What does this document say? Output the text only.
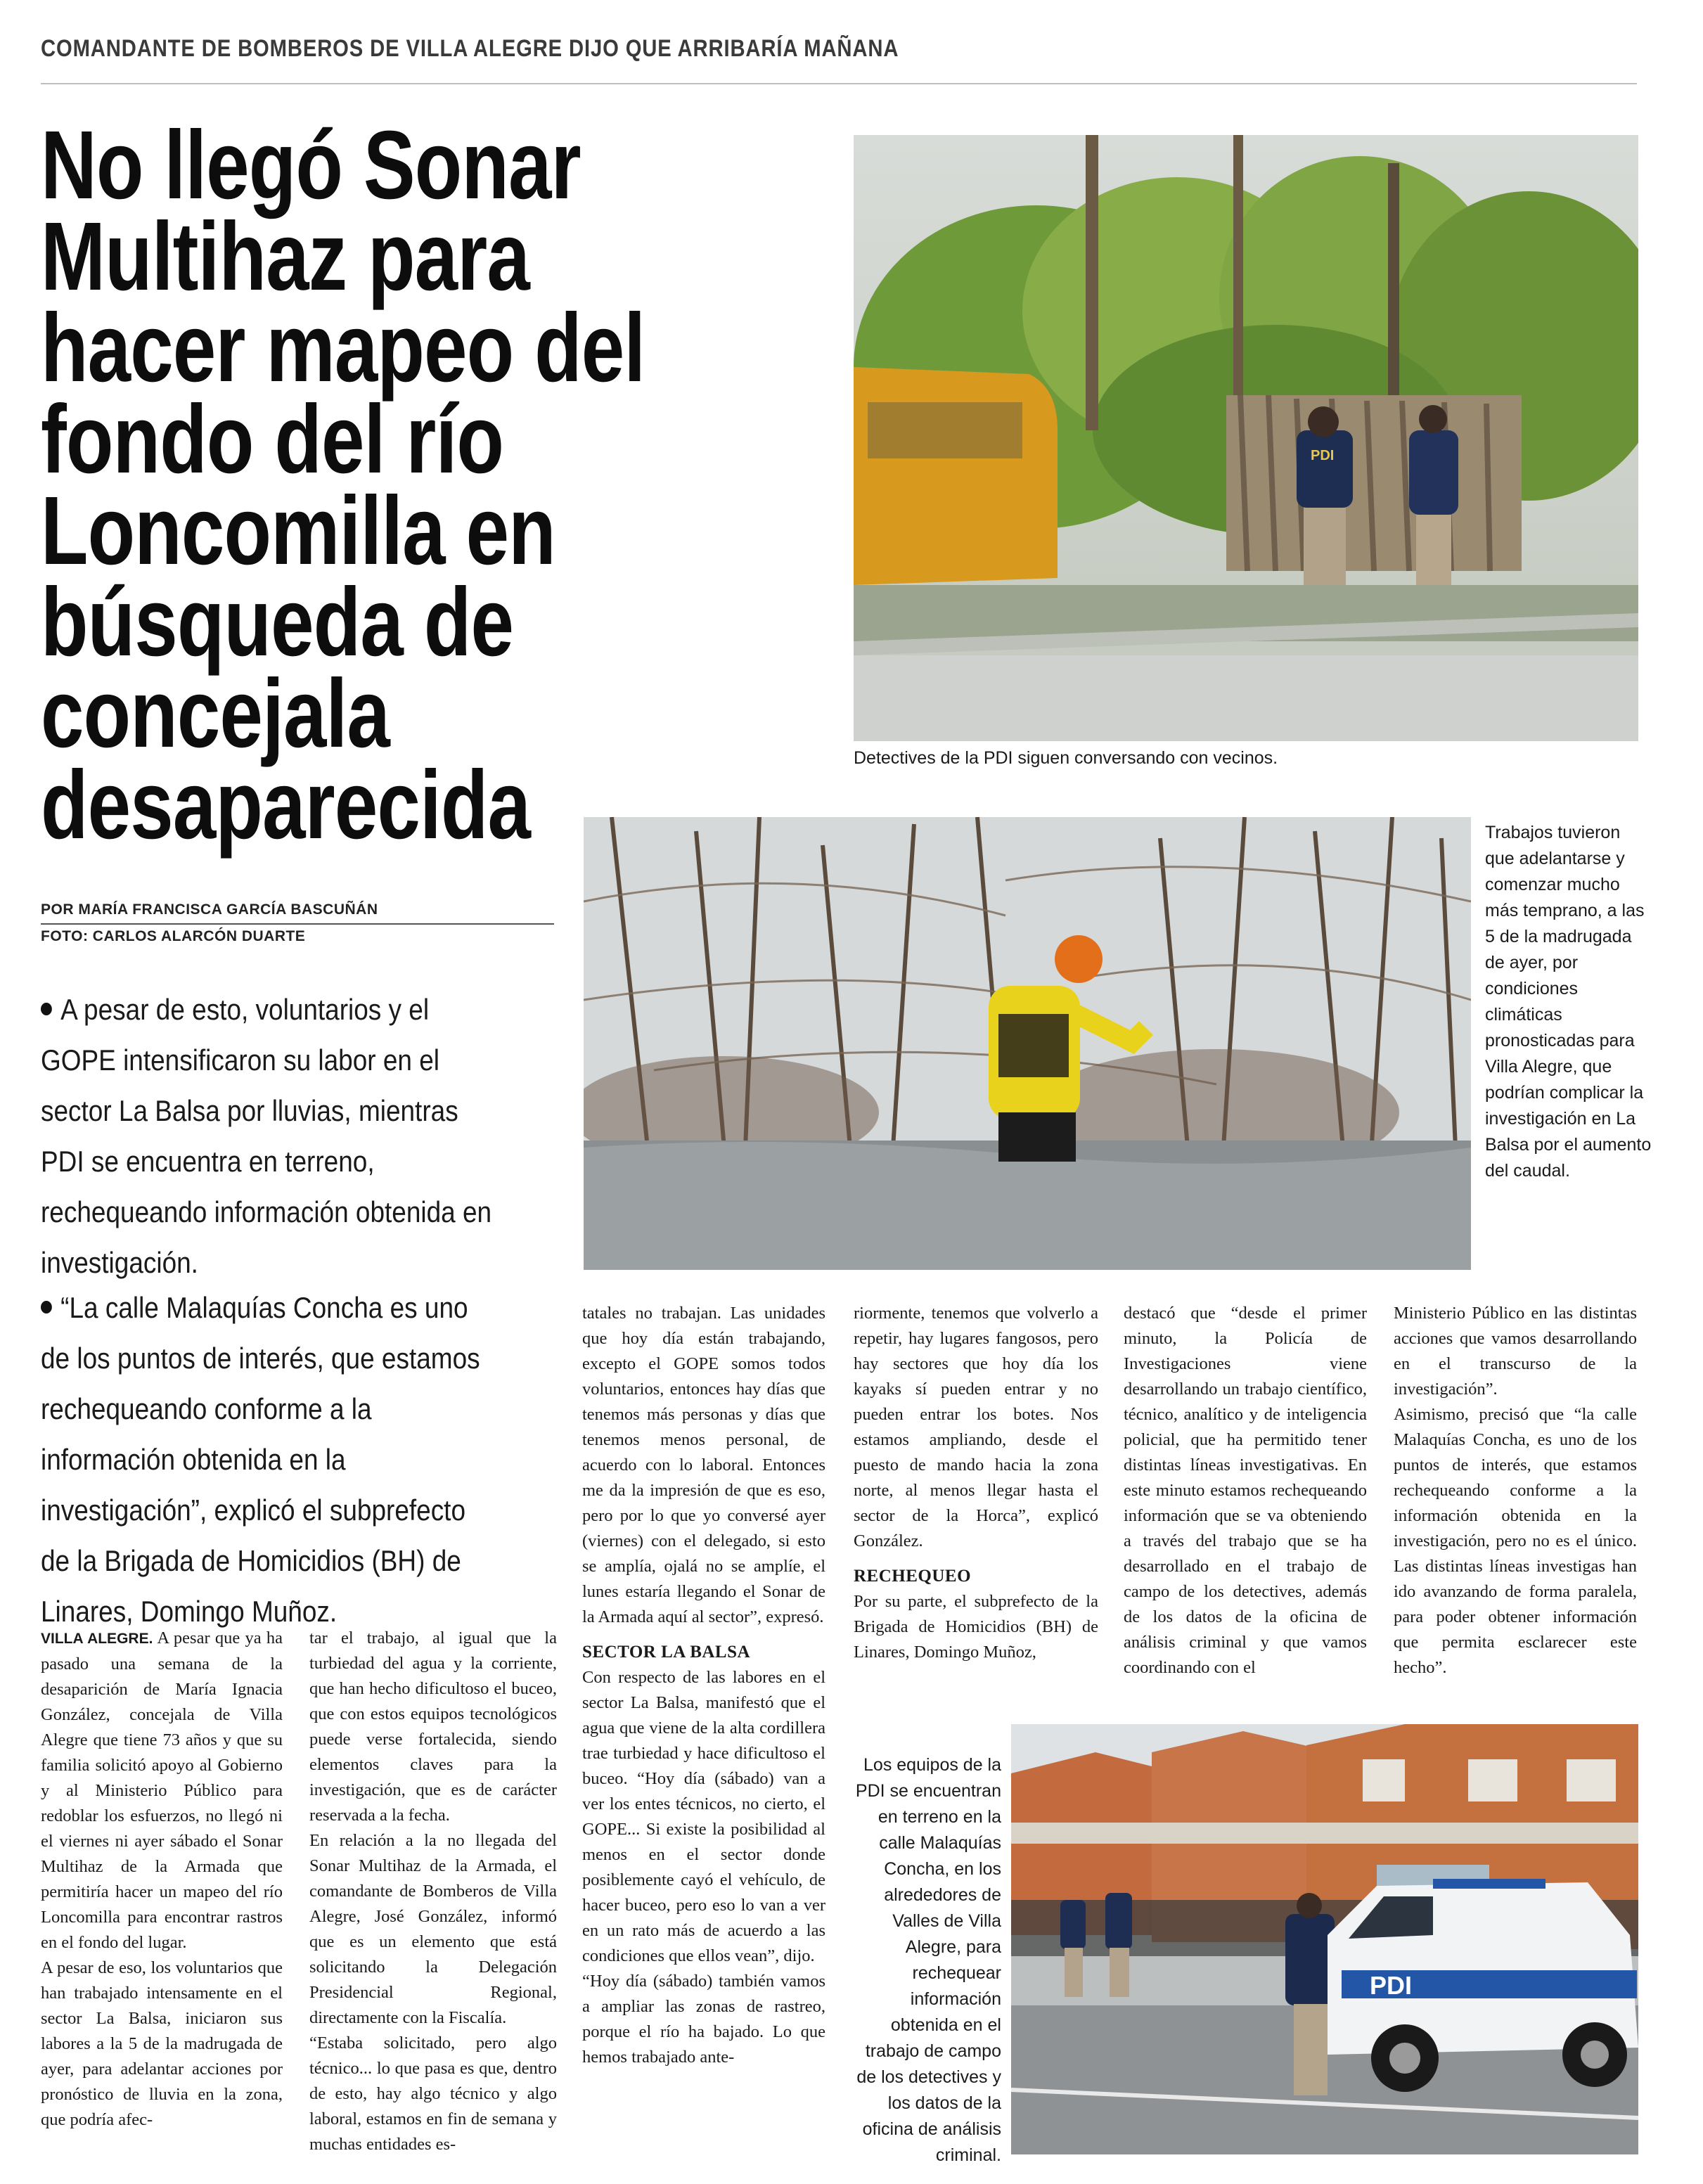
COMANDANTE DE BOMBEROS DE VILLA ALEGRE DIJO QUE ARRIBARÍA MAÑANA
No llegó Sonar Multihaz para hacer mapeo del fondo del río Loncomilla en búsqueda de concejala desaparecida
POR MARÍA FRANCISCA GARCÍA BASCUÑÁN
FOTO: CARLOS ALARCÓN DUARTE
A pesar de esto, voluntarios y el GOPE intensificaron su labor en el sector La Balsa por lluvias, mientras PDI se encuentra en terreno, rechequeando información obtenida en investigación.
“La calle Malaquías Concha es uno de los puntos de interés, que estamos rechequeando conforme a la información obtenida en la investigación”, explicó el subprefecto de la Brigada de Homicidios (BH) de Linares, Domingo Muñoz.
PDI
Detectives de la PDI siguen conversando con vecinos.
Trabajos tuvieron que adelantarse y comenzar mucho más temprano, a las 5 de la madrugada de ayer, por condiciones climáticas pronosticadas para Villa Alegre, que podrían complicar la investigación en La Balsa por el aumento del caudal.

VILLA ALEGRE. A pesar que ya ha pasado una semana de la desaparición de María Ignacia González, concejala de Villa Alegre que tiene 73 años y que su familia solicitó apoyo al Gobierno y al Ministerio Público para redoblar los esfuerzos, no llegó ni el viernes ni ayer sábado el Sonar Multihaz de la Armada que permitiría hacer un mapeo del río Loncomilla para encontrar rastros en el fondo del lugar.

A pesar de eso, los voluntarios que han trabajado intensamente en el sector La Balsa, iniciaron sus labores a la 5 de la madrugada de ayer, para adelantar acciones por pronóstico de lluvia en la zona, que podría afec-

tar el trabajo, al igual que la turbiedad del agua y la corriente, que han hecho dificultoso el buceo, que con estos equipos tecnológicos puede verse fortalecida, siendo elementos claves para la investigación, que es de carácter reservada a la fecha.

En relación a la no llegada del Sonar Multihaz de la Armada, el comandante de Bomberos de Villa Alegre, José González, informó que es un elemento que está solicitando la Delegación Presidencial Regional, directamente con la Fiscalía.

“Estaba solicitado, pero algo técnico... lo que pasa es que, dentro de esto, hay algo técnico y algo laboral, estamos en fin de semana y muchas entidades es-

tatales no trabajan. Las unidades que hoy día están trabajando, excepto el GOPE somos todos voluntarios, entonces hay días que tenemos más personas y días que tenemos menos personal, de acuerdo con lo laboral. Entonces me da la impresión de que es eso, pero por lo que yo conversé ayer (viernes) con el delegado, si esto se amplía, ojalá no se amplíe, el lunes estaría llegando el Sonar de la Armada aquí al sector”, expresó.

SECTOR LA BALSA

Con respecto de las labores en el sector La Balsa, manifestó que el agua que viene de la alta cordillera trae turbiedad y hace dificultoso el buceo. “Hoy día (sábado) van a ver los entes técnicos, no cierto, el GOPE... Si existe la posibilidad al menos en el sector donde posiblemente cayó el vehículo, de hacer buceo, pero eso lo van a ver en un rato más de acuerdo a las condiciones que ellos vean”, dijo.

“Hoy día (sábado) también vamos a ampliar las zonas de rastreo, porque el río ha bajado. Lo que hemos trabajado ante-

riormente, tenemos que volverlo a repetir, hay lugares fangosos, pero hay sectores que hoy día los kayaks sí pueden entrar y no pueden entrar los botes. Nos estamos ampliando, desde el puesto de mando hacia la zona norte, al menos llegar hasta el sector de la Horca”, explicó González.

RECHEQUEO

Por su parte, el subprefecto de la Brigada de Homicidios (BH) de Linares, Domingo Muñoz,

destacó que “desde el primer minuto, la Policía de Investigaciones viene desarrollando un trabajo científico, técnico, analítico y de inteligencia policial, que ha permitido tener distintas líneas investigativas. En este minuto estamos rechequeando información que se va obteniendo a través del trabajo que se ha desarrollado en el trabajo de campo de los detectives, además de los datos de la oficina de análisis criminal y que vamos coordinando con el

Ministerio Público en las distintas acciones que vamos desarrollando en el transcurso de la investigación”.

Asimismo, precisó que “la calle Malaquías Concha, es uno de los puntos de interés, que estamos rechequeando conforme a la información obtenida en la investigación, pero no es el único. Las distintas líneas investigas han ido avanzando de forma paralela, para poder obtener información que permita esclarecer este hecho”.

Los equipos de la PDI se encuentran en terreno en la calle Malaquías Concha, en los alrededores de Valles de Villa Alegre, para rechequear información obtenida en el trabajo de campo de los detectives y los datos de la oficina de análisis criminal.
PDI
